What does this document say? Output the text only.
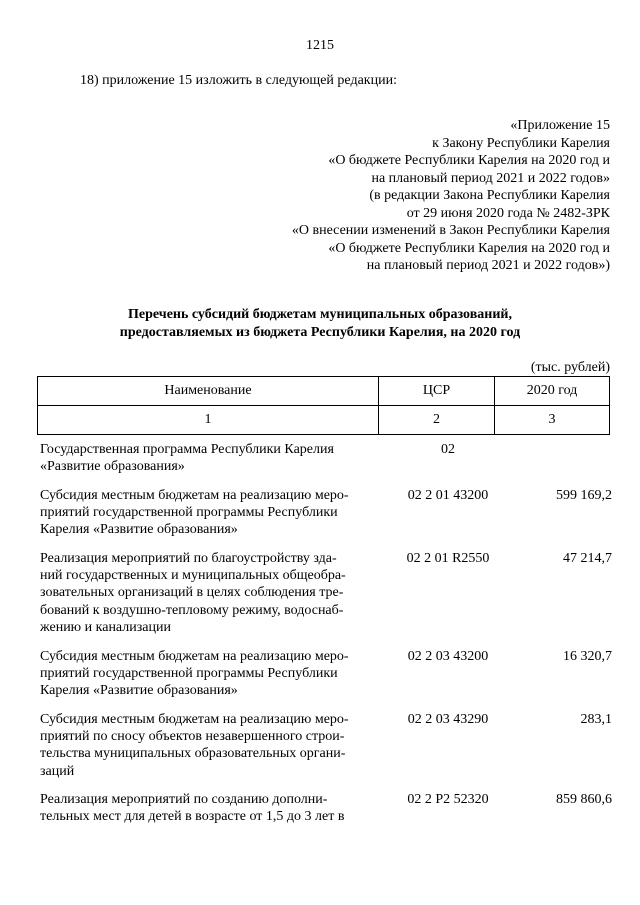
1215
18) приложение 15 изложить в следующей редакции:
«Приложение 15
к Закону Республики Карелия
«О бюджете Республики Карелия на 2020 год и
на плановый период 2021 и 2022 годов»
(в редакции Закона Республики Карелия
от 29 июня 2020 года № 2482-ЗРК
«О внесении изменений в Закон Республики Карелия
«О бюджете Республики Карелия на 2020 год и
на плановый период 2021 и 2022 годов»)
Перечень субсидий бюджетам муниципальных образований,
предоставляемых из бюджета Республики Карелия, на 2020 год
(тыс. рублей)
Наименование	ЦСР	2020 год
1	2	3
Государственная программа Республики Карелия
«Развитие образования»
02
Субсидия местным бюджетам на реализацию меро-
приятий государственной программы Республики
Карелия «Развитие образования»
02 2 01 43200	599 169,2
Реализация мероприятий по благоустройству зда-
ний государственных и муниципальных общеобра-
зовательных организаций в целях соблюдения тре-
бований к воздушно-тепловому режиму, водоснаб-
жению и канализации
02 2 01 R2550	47 214,7
Субсидия местным бюджетам на реализацию меро-
приятий государственной программы Республики
Карелия «Развитие образования»
02 2 03 43200	16 320,7
Субсидия местным бюджетам на реализацию меро-
приятий по сносу объектов незавершенного строи-
тельства муниципальных образовательных органи-
заций
02 2 03 43290	283,1
Реализация мероприятий по созданию дополни-
тельных мест для детей в возрасте от 1,5 до 3 лет в
02 2 P2 52320	859 860,6
